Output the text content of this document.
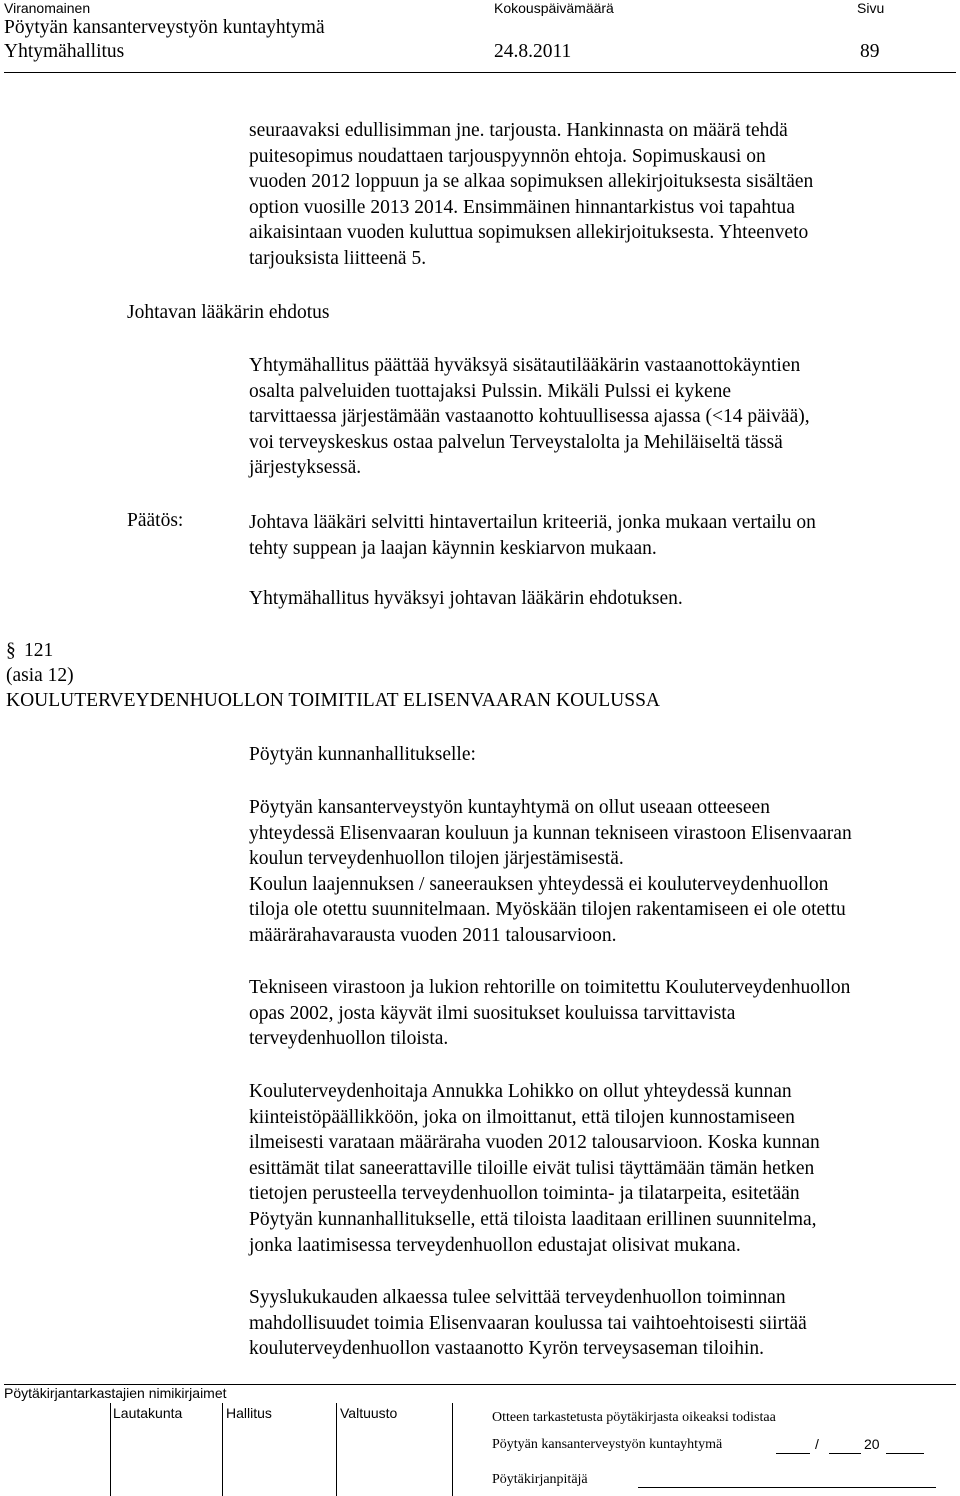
Viranomainen
Pöytyän kansanterveystyön kuntayhtymä
Yhtymähallitus
Kokouspäivämäärä
24.8.2011
Sivu
89
seuraavaksi edullisimman jne. tarjousta. Hankinnasta on määrä tehdä
puitesopimus noudattaen tarjouspyynnön ehtoja. Sopimuskausi on
vuoden 2012 loppuun ja se alkaa sopimuksen allekirjoituksesta sisältäen
option vuosille 2013 2014. Ensimmäinen hinnantarkistus voi tapahtua
aikaisintaan vuoden kuluttua sopimuksen allekirjoituksesta. Yhteenveto
tarjouksista liitteenä 5.
Johtavan lääkärin ehdotus
Yhtymähallitus päättää hyväksyä sisätautilääkärin vastaanottokäyntien
osalta palveluiden tuottajaksi Pulssin. Mikäli Pulssi ei kykene
tarvittaessa järjestämään vastaanotto kohtuullisessa ajassa (<14 päivää),
voi terveyskeskus ostaa palvelun Terveystalolta ja Mehiläiseltä tässä
järjestyksessä.
Päätös:	Johtava lääkäri selvitti hintavertailun kriteeriä, jonka mukaan vertailu on
tehty suppean ja laajan käynnin keskiarvon mukaan.
Yhtymähallitus hyväksyi johtavan lääkärin ehdotuksen.
§ 121
(asia 12)
KOULUTERVEYDENHUOLLON TOIMITILAT ELISENVAARAN KOULUSSA
Pöytyän kunnanhallitukselle:
Pöytyän kansanterveystyön kuntayhtymä on ollut useaan otteeseen
yhteydessä Elisenvaaran kouluun ja kunnan tekniseen virastoon Elisenvaaran
koulun terveydenhuollon tilojen järjestämisestä.
Koulun laajennuksen / saneerauksen yhteydessä ei kouluterveydenhuollon
tiloja ole otettu suunnitelmaan. Myöskään tilojen rakentamiseen ei ole otettu
määrärahavarausta vuoden 2011 talousarvioon.
Tekniseen virastoon ja lukion rehtorille on toimitettu Kouluterveydenhuollon
opas 2002, josta käyvät ilmi suositukset kouluissa tarvittavista
terveydenhuollon tiloista.
Kouluterveydenhoitaja Annukka Lohikko on ollut yhteydessä kunnan
kiinteistöpäällikköön, joka on ilmoittanut, että tilojen kunnostamiseen
ilmeisesti varataan määräraha vuoden 2012 talousarvioon. Koska kunnan
esittämät tilat saneerattaville tiloille eivät tulisi täyttämään tämän hetken
tietojen perusteella terveydenhuollon toiminta- ja tilatarpeita, esitetään
Pöytyän kunnanhallitukselle, että tiloista laaditaan erillinen suunnitelma,
jonka laatimisessa terveydenhuollon edustajat olisivat mukana.
Syyslukukauden alkaessa tulee selvittää terveydenhuollon toiminnan
mahdollisuudet toimia Elisenvaaran koulussa tai vaihtoehtoisesti siirtää
kouluterveydenhuollon vastaanotto Kyrön terveysaseman tiloihin.
Pöytäkirjantarkastajien nimikirjaimet
Lautakunta	Hallitus	Valtuusto	Otteen tarkastetusta pöytäkirjasta oikeaksi todistaa
Pöytyän kansanterveystyön kuntayhtymä	/	20
Pöytäkirjanpitäjä
